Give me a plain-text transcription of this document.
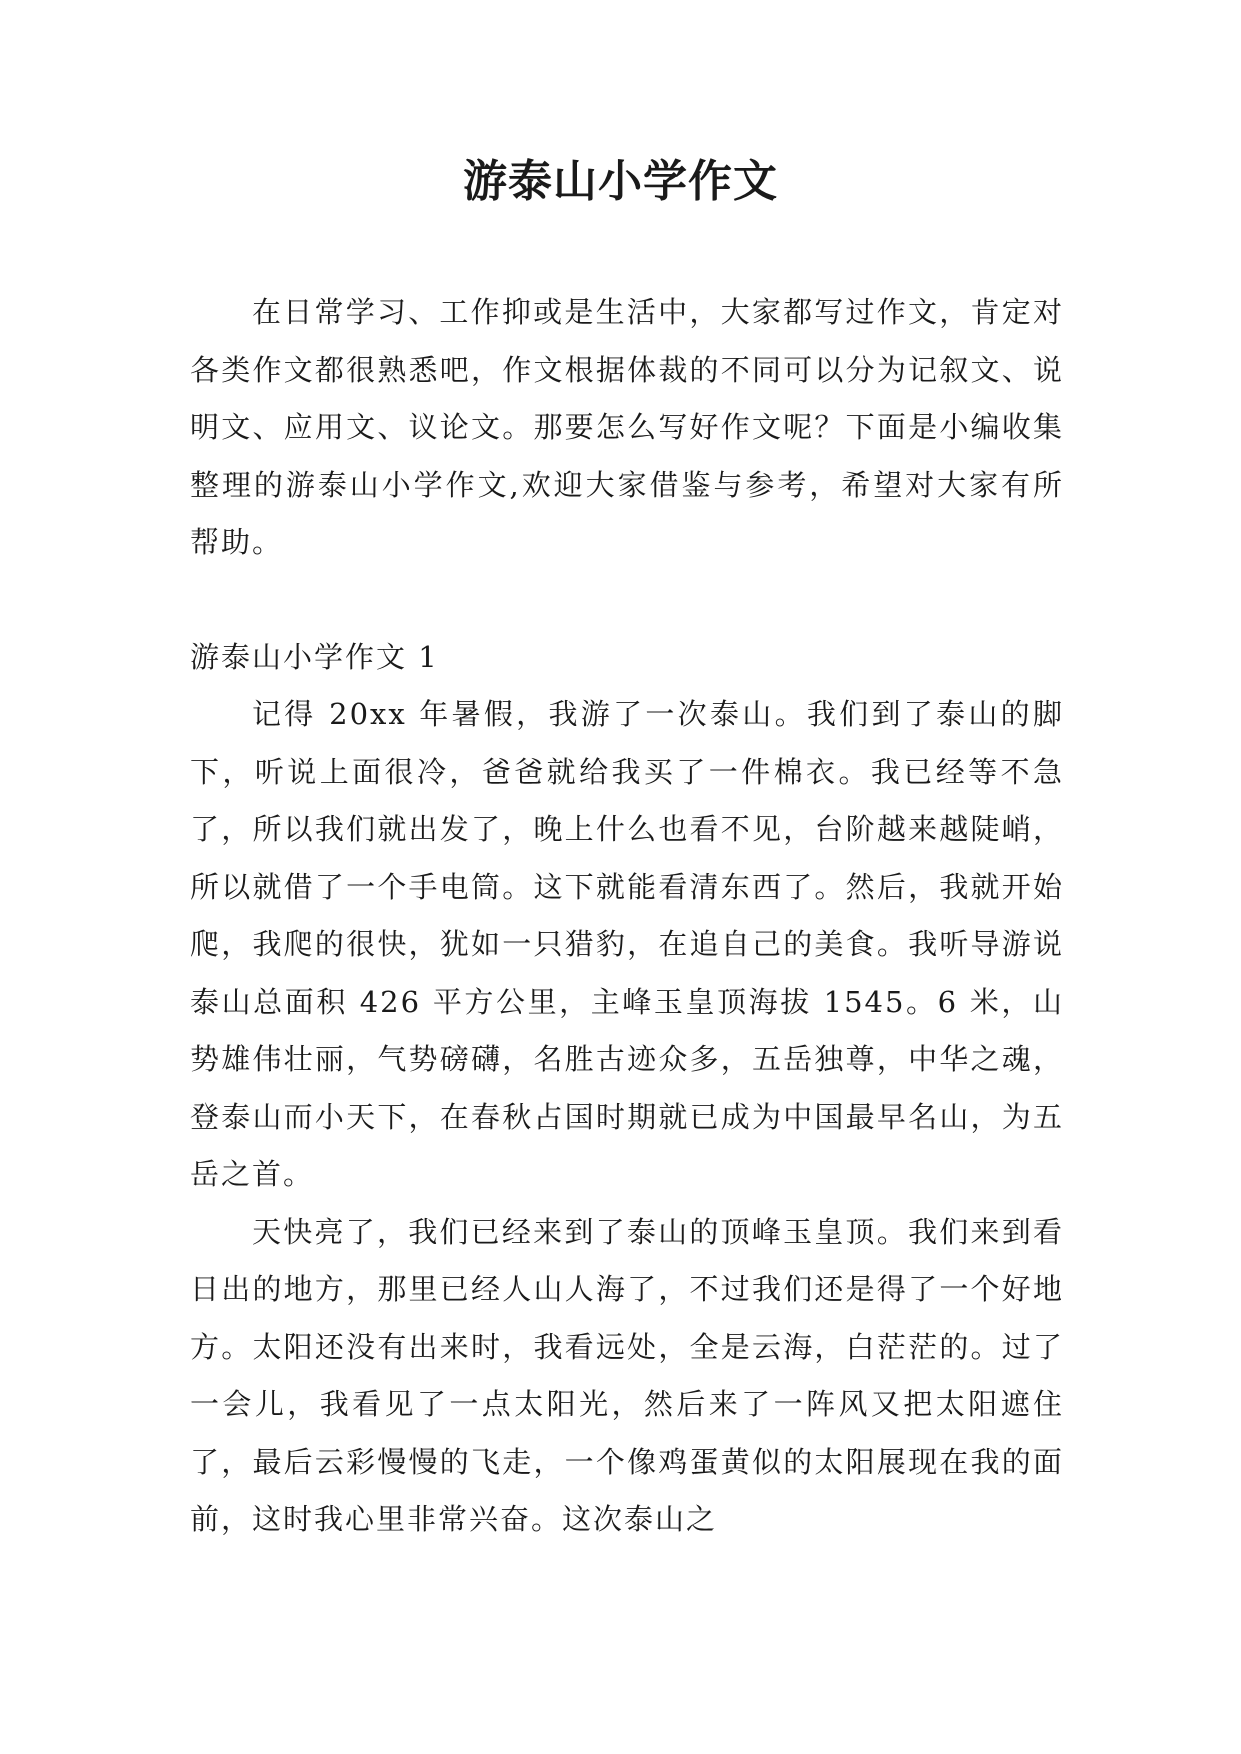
游泰山小学作文

在日常学习、工作抑或是生活中，大家都写过作文，肯定对各类作文都很熟悉吧，作文根据体裁的不同可以分为记叙文、说明文、应用文、议论文。那要怎么写好作文呢？下面是小编收集整理的游泰山小学作文,欢迎大家借鉴与参考，希望对大家有所帮助。

游泰山小学作文 1

记得 20xx 年暑假，我游了一次泰山。我们到了泰山的脚下，听说上面很冷，爸爸就给我买了一件棉衣。我已经等不急了，所以我们就出发了，晚上什么也看不见，台阶越来越陡峭，所以就借了一个手电筒。这下就能看清东西了。然后，我就开始爬，我爬的很快，犹如一只猎豹，在追自己的美食。我听导游说泰山总面积 426 平方公里，主峰玉皇顶海拔 1545。6 米，山势雄伟壮丽，气势磅礴，名胜古迹众多，五岳独尊，中华之魂，登泰山而小天下，在春秋占国时期就已成为中国最早名山，为五岳之首。

天快亮了，我们已经来到了泰山的顶峰玉皇顶。我们来到看日出的地方，那里已经人山人海了，不过我们还是得了一个好地方。太阳还没有出来时，我看远处，全是云海，白茫茫的。过了一会儿，我看见了一点太阳光，然后来了一阵风又把太阳遮住了，最后云彩慢慢的飞走，一个像鸡蛋黄似的太阳展现在我的面前，这时我心里非常兴奋。这次泰山之
